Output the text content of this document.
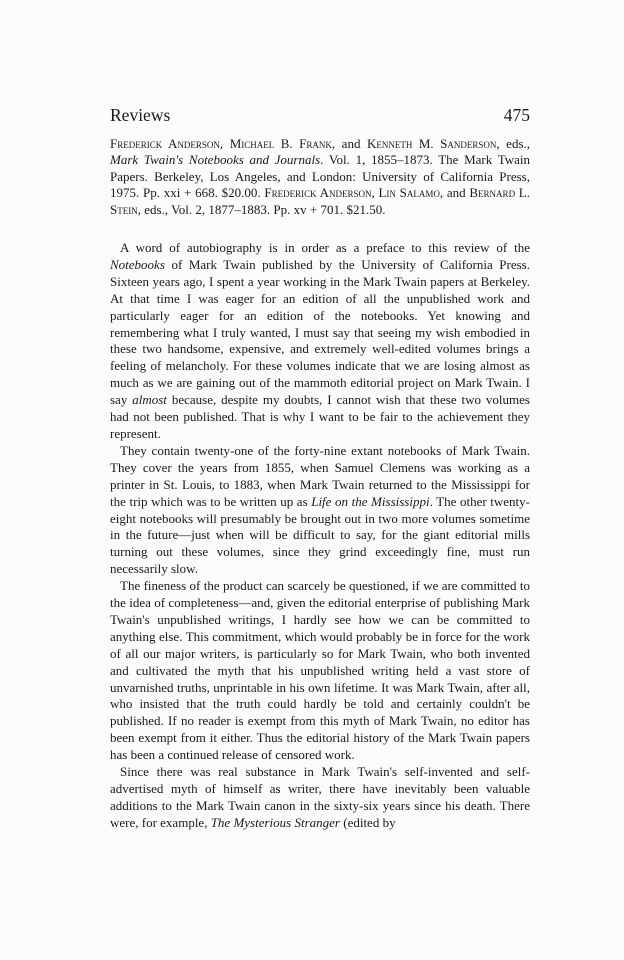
Reviews	475
Frederick Anderson, Michael B. Frank, and Kenneth M. Sanderson, eds., Mark Twain's Notebooks and Journals. Vol. 1, 1855–1873. The Mark Twain Papers. Berkeley, Los Angeles, and London: University of California Press, 1975. Pp. xxi + 668. $20.00. Frederick Anderson, Lin Salamo, and Bernard L. Stein, eds., Vol. 2, 1877–1883. Pp. xv + 701. $21.50.

A word of autobiography is in order as a preface to this review of the Notebooks of Mark Twain published by the University of California Press. Sixteen years ago, I spent a year working in the Mark Twain papers at Berkeley. At that time I was eager for an edition of all the unpublished work and particularly eager for an edition of the notebooks. Yet knowing and remembering what I truly wanted, I must say that seeing my wish embodied in these two handsome, expensive, and extremely well-edited volumes brings a feeling of melancholy. For these volumes indicate that we are losing almost as much as we are gaining out of the mammoth editorial project on Mark Twain. I say almost because, despite my doubts, I cannot wish that these two volumes had not been published. That is why I want to be fair to the achievement they represent.

They contain twenty-one of the forty-nine extant notebooks of Mark Twain. They cover the years from 1855, when Samuel Clemens was working as a printer in St. Louis, to 1883, when Mark Twain returned to the Mississippi for the trip which was to be written up as Life on the Mississippi. The other twenty-eight notebooks will presumably be brought out in two more volumes sometime in the future—just when will be difficult to say, for the giant editorial mills turning out these volumes, since they grind exceedingly fine, must run necessarily slow.

The fineness of the product can scarcely be questioned, if we are committed to the idea of completeness—and, given the editorial enterprise of publishing Mark Twain's unpublished writings, I hardly see how we can be committed to anything else. This commitment, which would probably be in force for the work of all our major writers, is particularly so for Mark Twain, who both invented and cultivated the myth that his unpublished writing held a vast store of unvarnished truths, unprintable in his own lifetime. It was Mark Twain, after all, who insisted that the truth could hardly be told and certainly couldn't be published. If no reader is exempt from this myth of Mark Twain, no editor has been exempt from it either. Thus the editorial history of the Mark Twain papers has been a continued release of censored work.

Since there was real substance in Mark Twain's self-invented and self-advertised myth of himself as writer, there have inevitably been valuable additions to the Mark Twain canon in the sixty-six years since his death. There were, for example, The Mysterious Stranger (edited by
